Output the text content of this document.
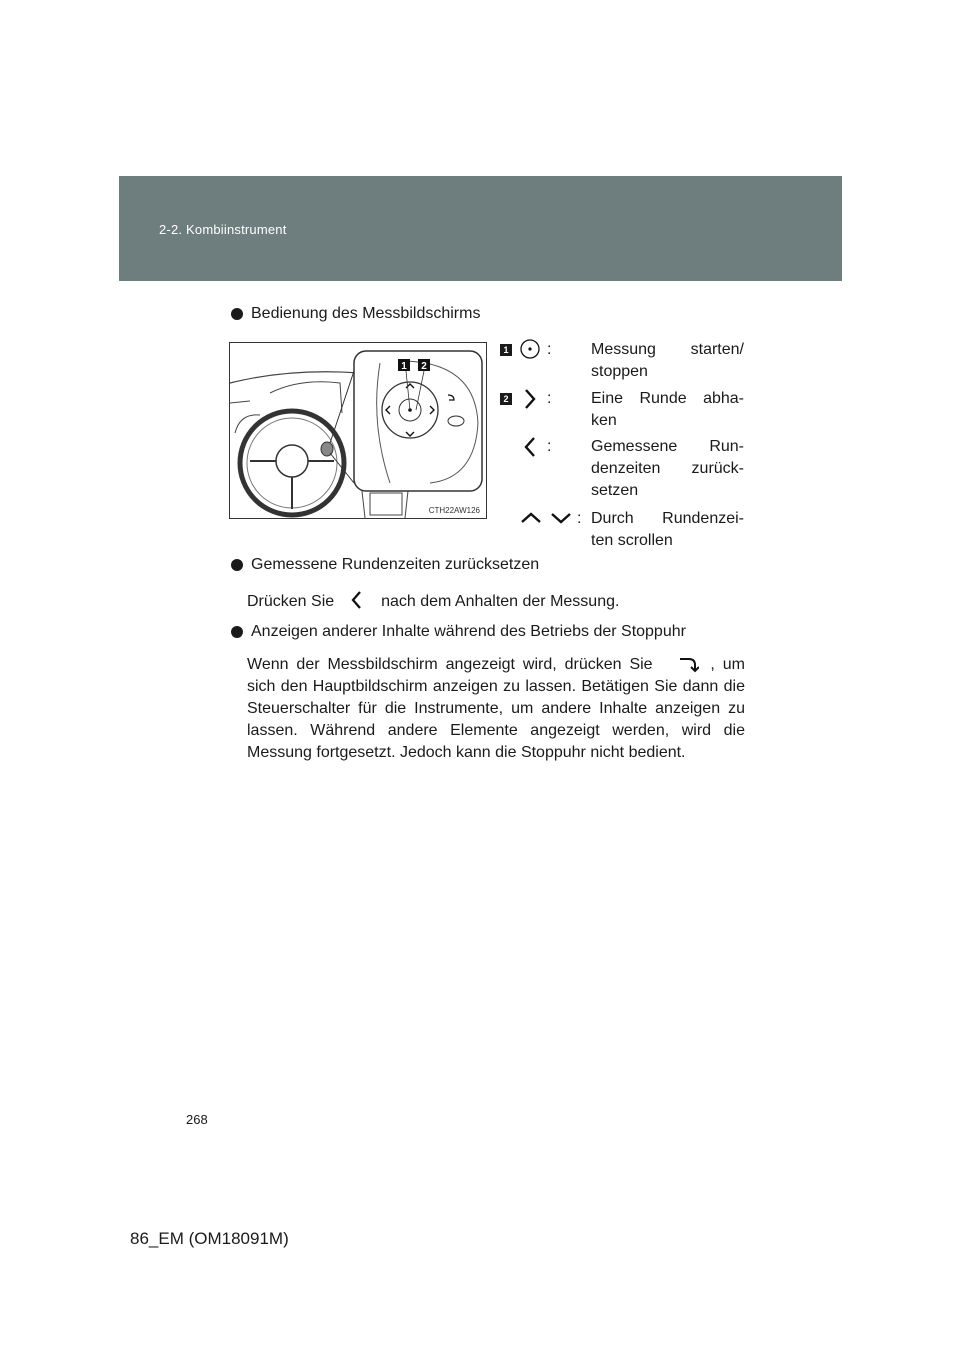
2-2. Kombiinstrument
Bedienung des Messbildschirms
1 2
CTH22AW126
1 : Messung starten/ stoppen
2 : Eine Runde abha- ken
: Gemessene Run- denzeiten zurück- setzen
: Durch Rundenzei- ten scrollen
Gemessene Rundenzeiten zurücksetzen
Drücken Sie	nach dem Anhalten der Messung.
Anzeigen anderer Inhalte während des Betriebs der Stoppuhr
Wenn der Messbildschirm angezeigt wird, drücken Sie	, um
sich den Hauptbildschirm anzeigen zu lassen. Betätigen Sie dann die Steuerschalter für die Instrumente, um andere Inhalte anzeigen zu lassen. Während andere Elemente angezeigt werden, wird die Messung fortgesetzt. Jedoch kann die Stoppuhr nicht bedient.
268
86_EM (OM18091M)
